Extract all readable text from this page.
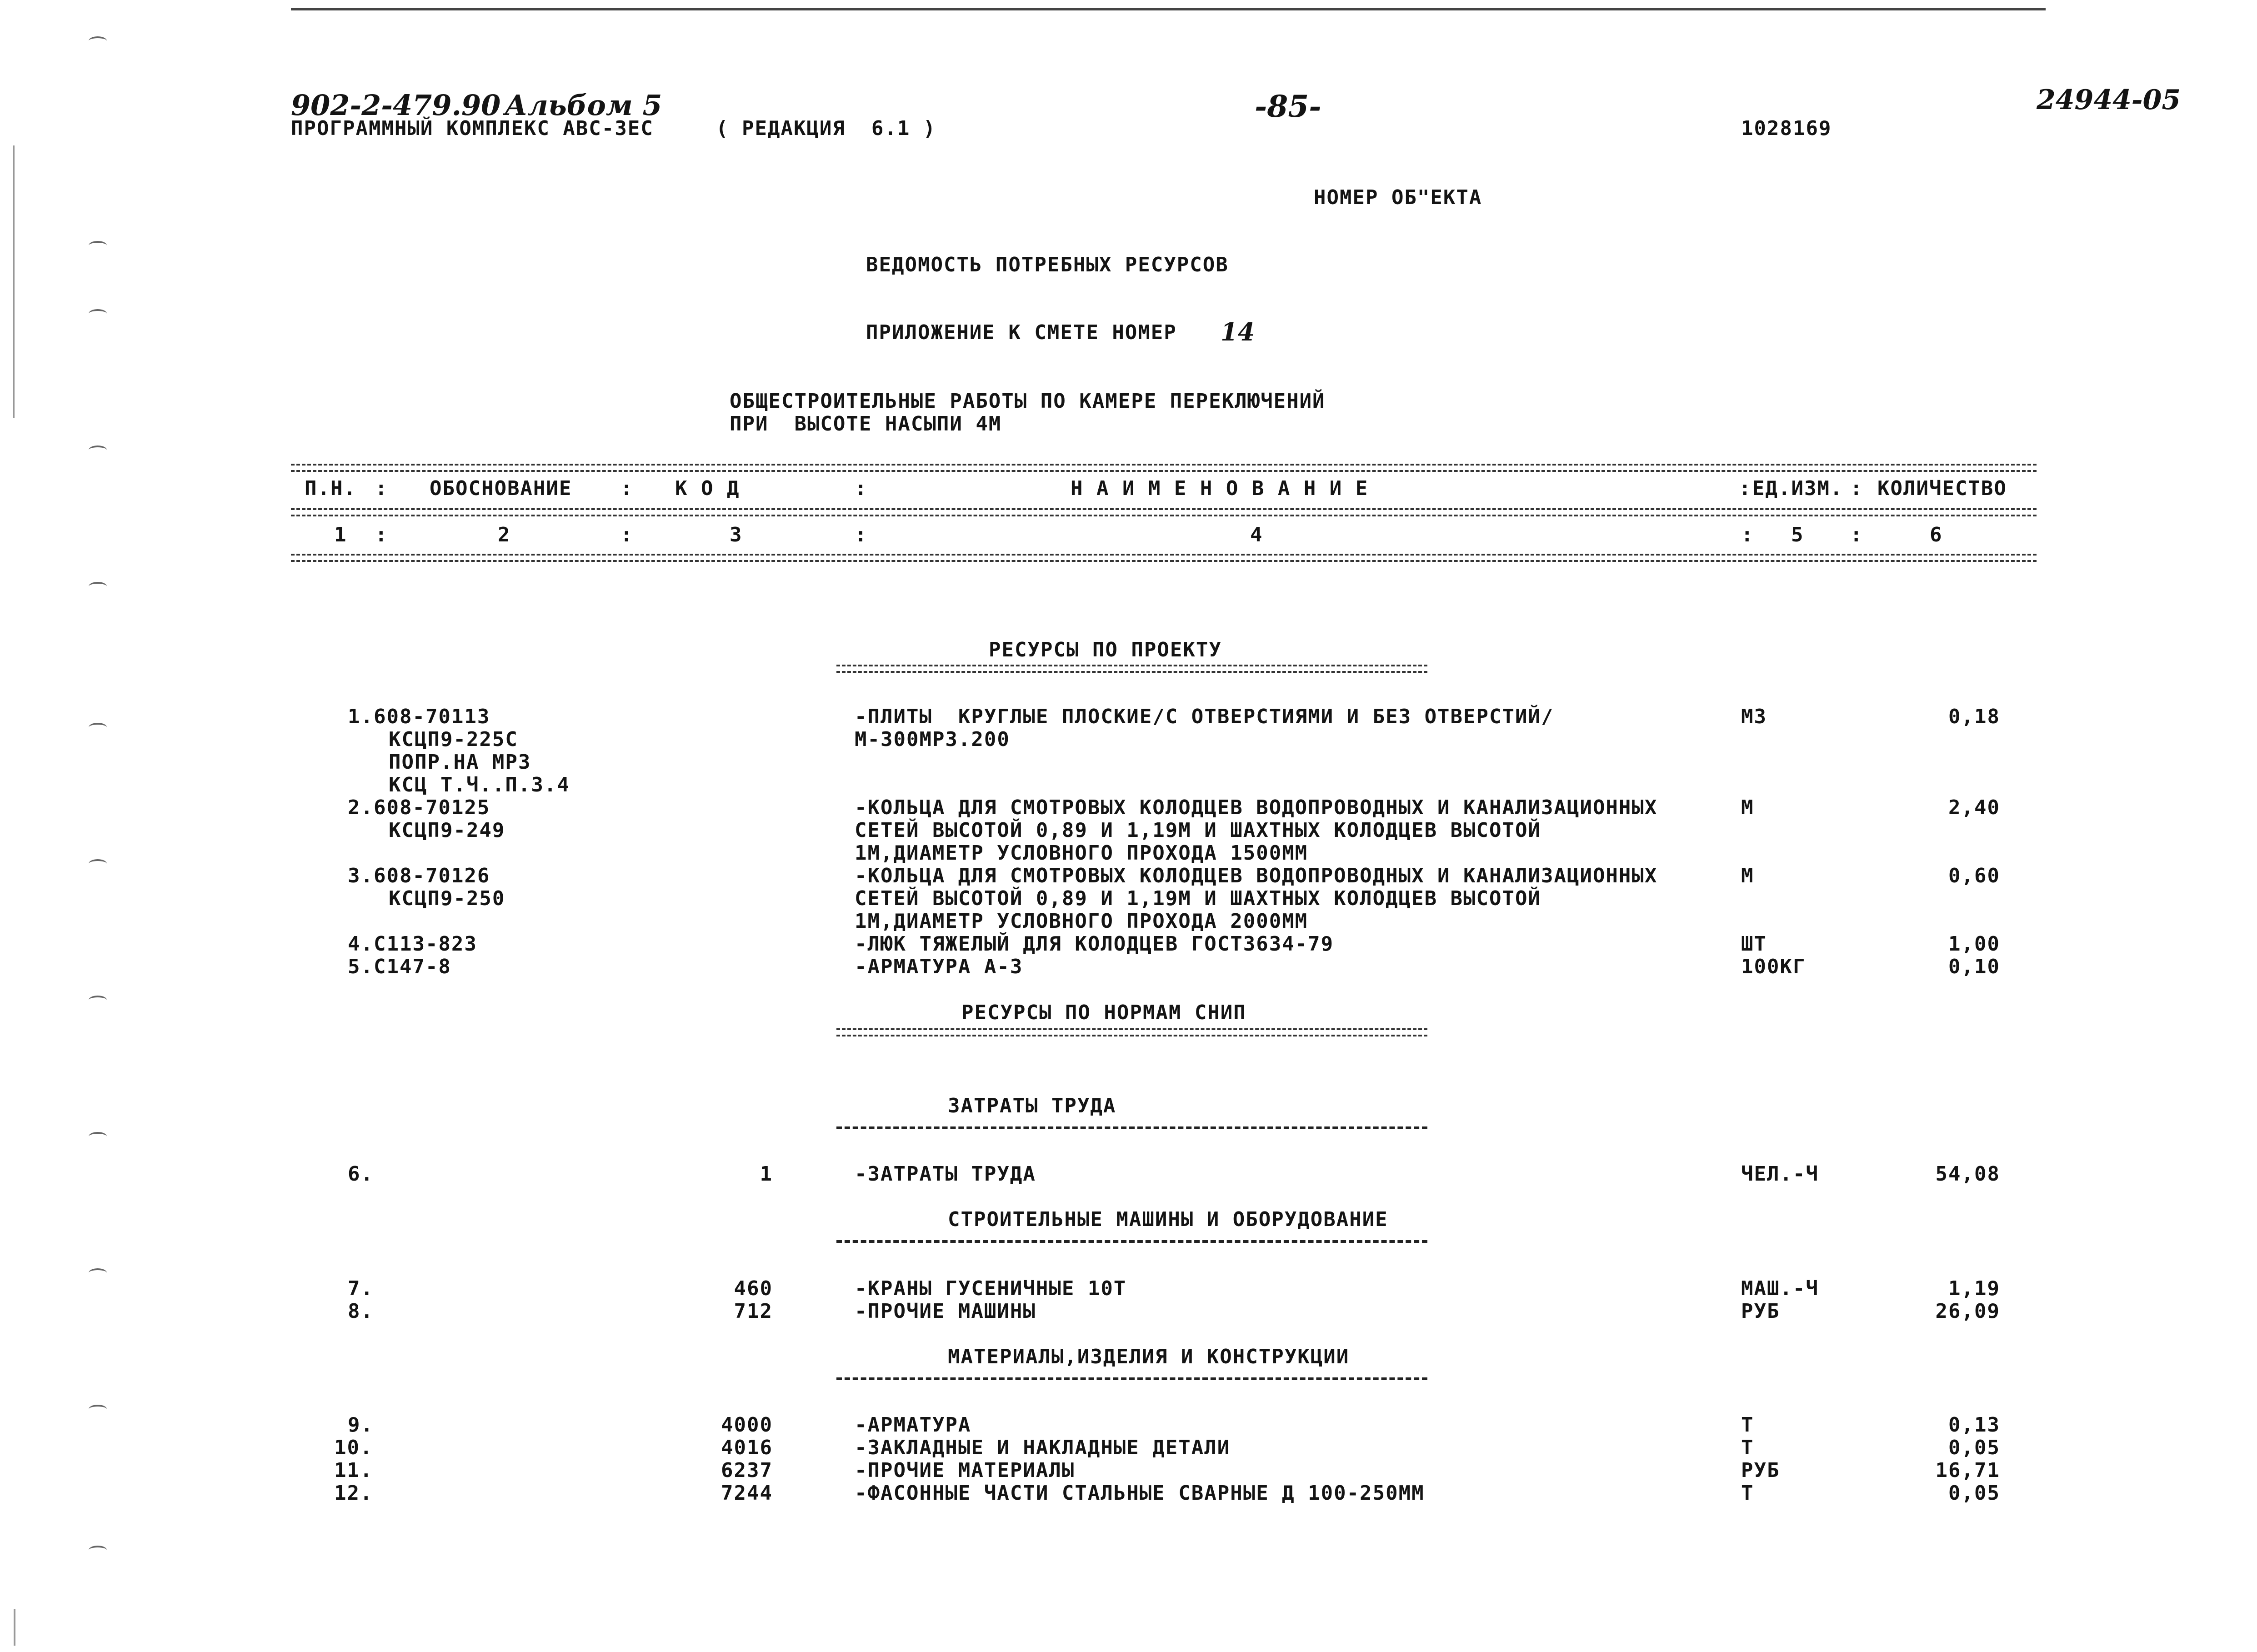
902-2-479.90 Альбом 5
ПРОГРАММНЫЙ КОМПЛЕКС АВС-3ЕС	( РЕДАКЦИЯ  6.1 )
-85-
1028169
24944-05
НОМЕР ОБ"ЕКТА
ВЕДОМОСТЬ ПОТРЕБНЫХ РЕСУРСОВ
ПРИЛОЖЕНИЕ К СМЕТЕ НОМЕР 14
ОБЩЕСТРОИТЕЛЬНЫЕ РАБОТЫ ПО КАМЕРЕ ПЕРЕКЛЮЧЕНИЙ
ПРИ  ВЫСОТЕ НАСЫПИ 4М
П.Н. : ОБОСНОВАНИЕ : К О Д	:	Н А И М Е Н О В А Н И Е	: ЕД.ИЗМ. : КОЛИЧЕСТВО
1 :	2	:	3	:	4	: 5 :	6
РЕСУРСЫ ПО ПРОЕКТУ
1.608-70113
КСЦП9-225С
ПОПР.НА МРЗ
КСЦ Т.Ч..П.3.4
-ПЛИТЫ  КРУГЛЫЕ ПЛОСКИЕ/С ОТВЕРСТИЯМИ И БЕЗ ОТВЕРСТИЙ/
М-300МРЗ.200
М3	0,18
2.608-70125
КСЦП9-249
-КОЛЬЦА ДЛЯ СМОТРОВЫХ КОЛОДЦЕВ ВОДОПРОВОДНЫХ И КАНАЛИЗАЦИОННЫХ
СЕТЕЙ ВЫСОТОЙ 0,89 И 1,19М И ШАХТНЫХ КОЛОДЦЕВ ВЫСОТОЙ
1М,ДИАМЕТР УСЛОВНОГО ПРОХОДА 1500ММ
М	2,40
3.608-70126
КСЦП9-250
-КОЛЬЦА ДЛЯ СМОТРОВЫХ КОЛОДЦЕВ ВОДОПРОВОДНЫХ И КАНАЛИЗАЦИОННЫХ
СЕТЕЙ ВЫСОТОЙ 0,89 И 1,19М И ШАХТНЫХ КОЛОДЦЕВ ВЫСОТОЙ
1М,ДИАМЕТР УСЛОВНОГО ПРОХОДА 2000ММ
М	0,60
4.С113-823	-ЛЮК ТЯЖЕЛЫЙ ДЛЯ КОЛОДЦЕВ ГОСТ3634-79	ШТ	1,00
5.С147-8	-АРМАТУРА А-3	100КГ	0,10
РЕСУРСЫ ПО НОРМАМ СНИП
ЗАТРАТЫ ТРУДА
6.	1	-ЗАТРАТЫ ТРУДА	ЧЕЛ.-Ч	54,08
СТРОИТЕЛЬНЫЕ МАШИНЫ И ОБОРУДОВАНИЕ
7.	460	-КРАНЫ ГУСЕНИЧНЫЕ 10Т	МАШ.-Ч	1,19
8.	712	-ПРОЧИЕ МАШИНЫ	РУБ	26,09
МАТЕРИАЛЫ,ИЗДЕЛИЯ И КОНСТРУКЦИИ
9.	4000	-АРМАТУРА	Т	0,13
10.	4016	-ЗАКЛАДНЫЕ И НАКЛАДНЫЕ ДЕТАЛИ	Т	0,05
11.	6237	-ПРОЧИЕ МАТЕРИАЛЫ	РУБ	16,71
12.	7244	-ФАСОННЫЕ ЧАСТИ СТАЛЬНЫЕ СВАРНЫЕ Д 100-250ММ	Т	0,05
